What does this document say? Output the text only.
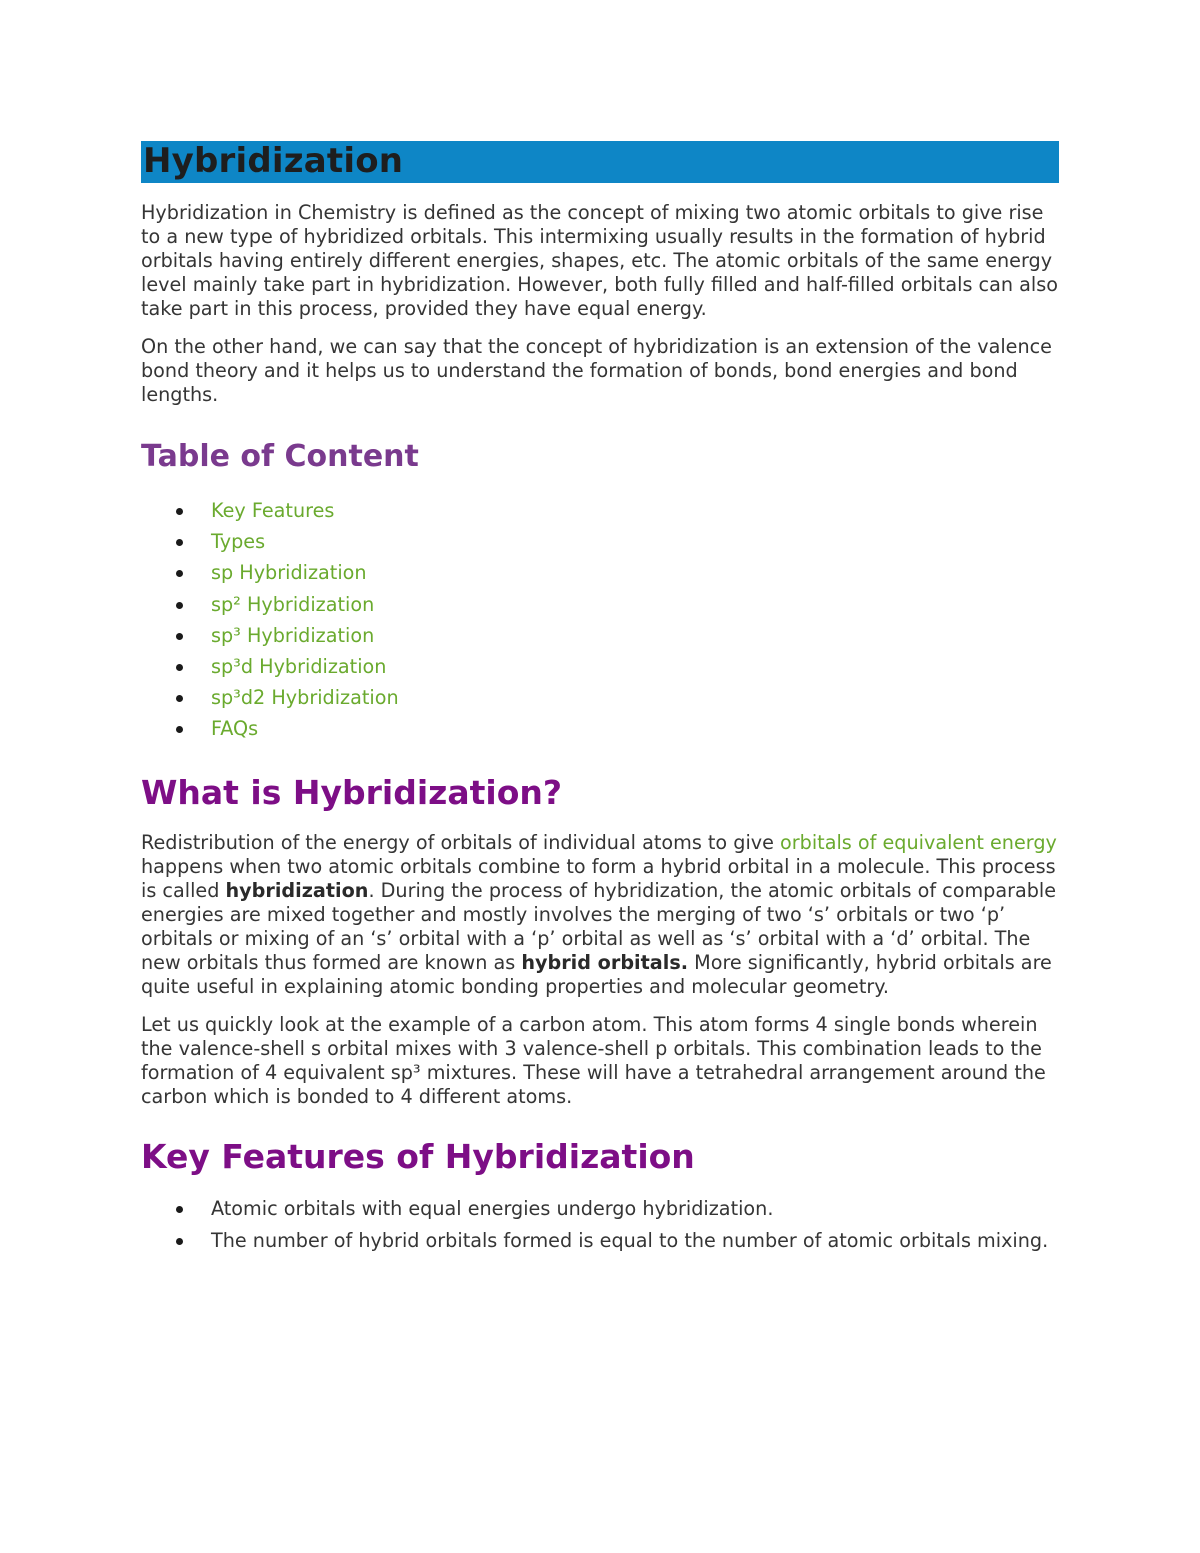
Hybridization

Hybridization in Chemistry is defined as the concept of mixing two atomic orbitals to give rise to a new type of hybridized orbitals. This intermixing usually results in the formation of hybrid orbitals having entirely different energies, shapes, etc. The atomic orbitals of the same energy level mainly take part in hybridization. However, both fully filled and half-filled orbitals can also take part in this process, provided they have equal energy.

On the other hand, we can say that the concept of hybridization is an extension of the valence bond theory and it helps us to understand the formation of bonds, bond energies and bond lengths.

Table of Content
Key Features
Types
sp Hybridization
sp² Hybridization
sp³ Hybridization
sp³d Hybridization
sp³d2 Hybridization
FAQs
What is Hybridization?

Redistribution of the energy of orbitals of individual atoms to give orbitals of equivalent energy happens when two atomic orbitals combine to form a hybrid orbital in a molecule. This process is called hybridization. During the process of hybridization, the atomic orbitals of comparable energies are mixed together and mostly involves the merging of two ‘s’ orbitals or two ‘p’ orbitals or mixing of an ‘s’ orbital with a ‘p’ orbital as well as ‘s’ orbital with a ‘d’ orbital. The new orbitals thus formed are known as hybrid orbitals. More significantly, hybrid orbitals are quite useful in explaining atomic bonding properties and molecular geometry.

Let us quickly look at the example of a carbon atom. This atom forms 4 single bonds wherein the valence-shell s orbital mixes with 3 valence-shell p orbitals. This combination leads to the formation of 4 equivalent sp³ mixtures. These will have a tetrahedral arrangement around the carbon which is bonded to 4 different atoms.

Key Features of Hybridization
Atomic orbitals with equal energies undergo hybridization.
The number of hybrid orbitals formed is equal to the number of atomic orbitals mixing.
